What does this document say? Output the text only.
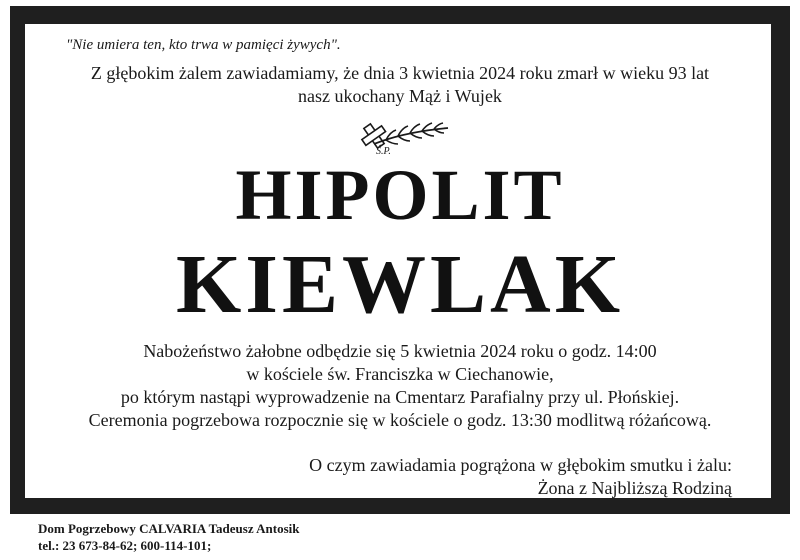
"Nie umiera ten, kto trwa w pamięci żywych".
Z głębokim żalem zawiadamiamy, że dnia 3 kwietnia 2024 roku zmarł w wieku 93 lat
nasz ukochany Mąż i Wujek
Ś.P.
HIPOLIT
KIEWLAK
Nabożeństwo żałobne odbędzie się 5 kwietnia 2024 roku o godz. 14:00
w kościele św. Franciszka w Ciechanowie,
po którym nastąpi wyprowadzenie na Cmentarz Parafialny przy ul. Płońskiej.
Ceremonia pogrzebowa rozpocznie się w kościele o godz. 13:30 modlitwą różańcową.
O czym zawiadamia pogrążona w głębokim smutku i żalu:
Żona z Najbliższą Rodziną
Dom Pogrzebowy CALVARIA Tadeusz Antosik
tel.: 23 673-84-62; 600-114-101;
